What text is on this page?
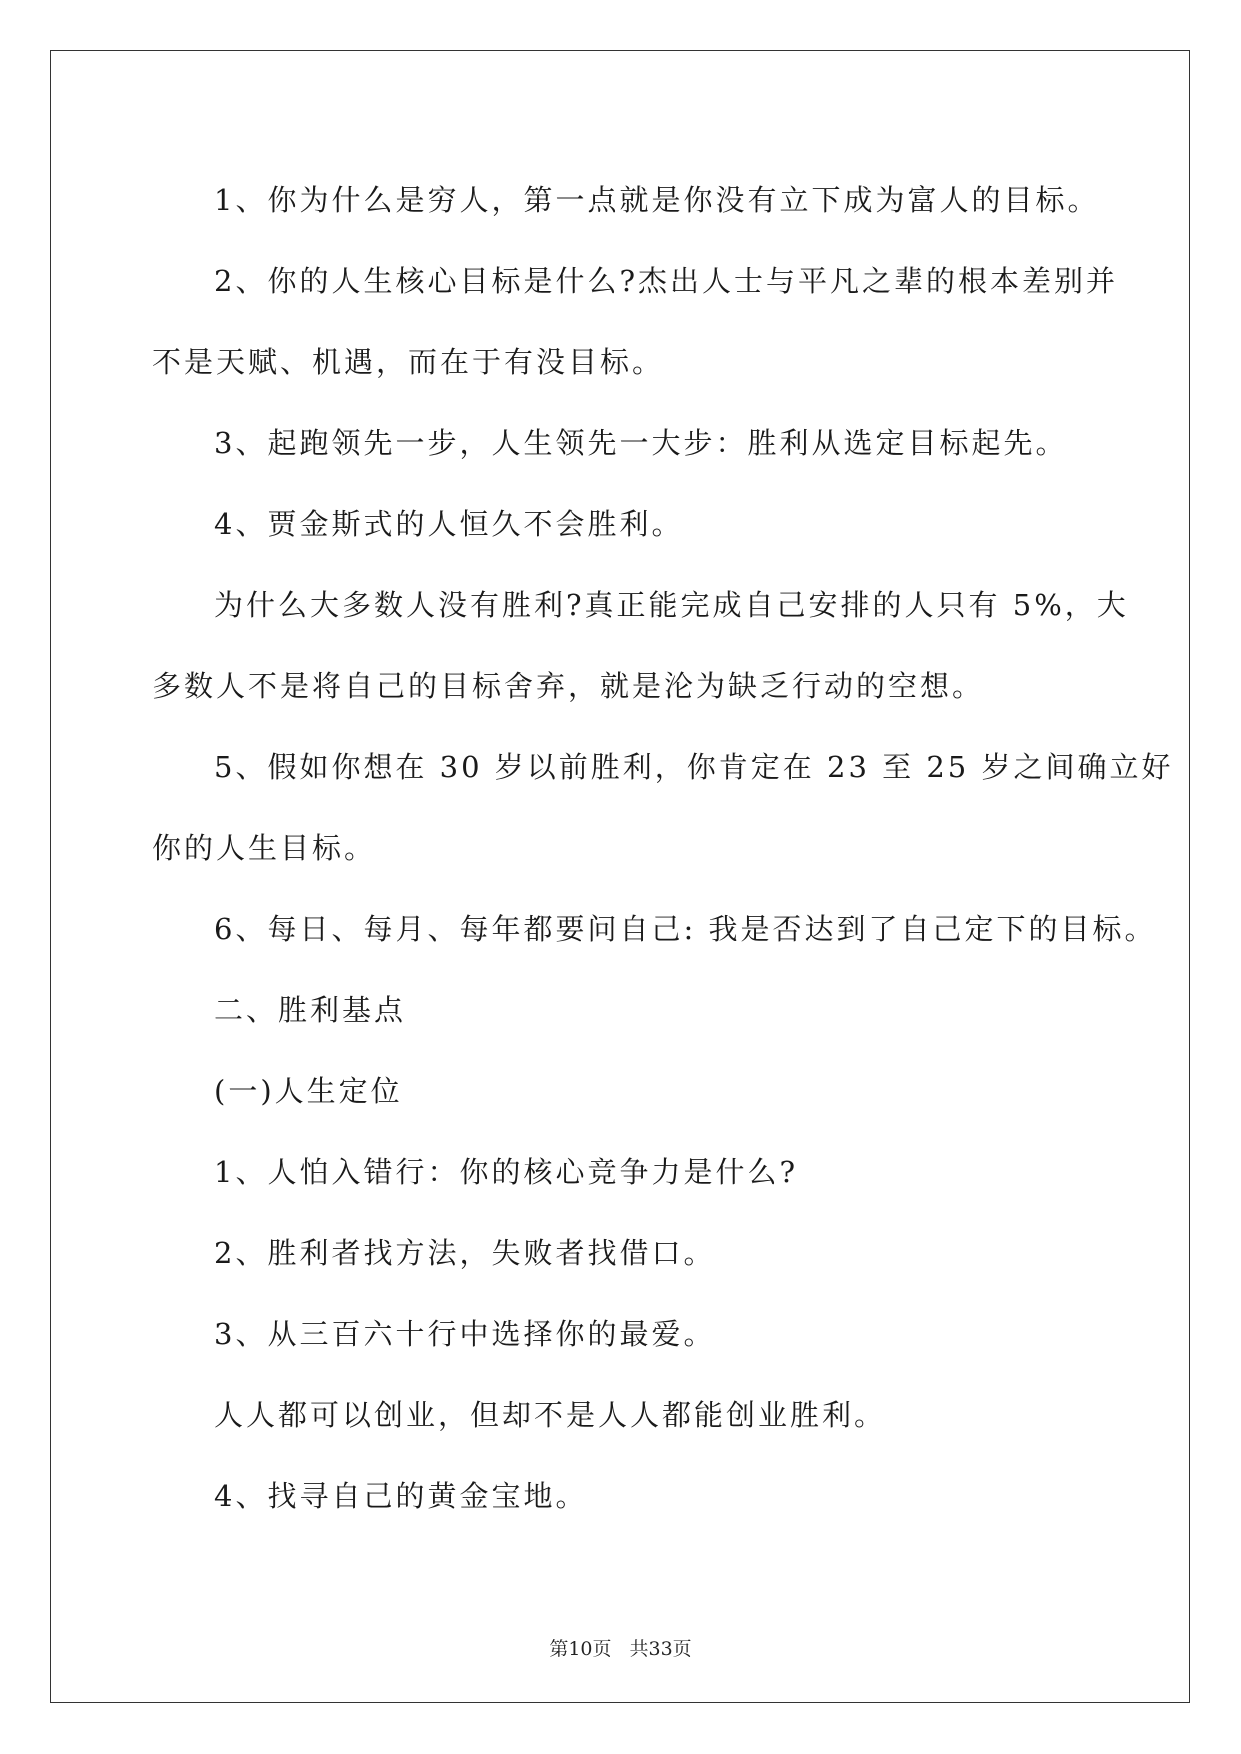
1、你为什么是穷人，第一点就是你没有立下成为富人的目标。

2、你的人生核心目标是什么?杰出人士与平凡之辈的根本差别并

不是天赋、机遇，而在于有没目标。

3、起跑领先一步，人生领先一大步：胜利从选定目标起先。

4、贾金斯式的人恒久不会胜利。

为什么大多数人没有胜利?真正能完成自己安排的人只有 5%，大

多数人不是将自己的目标舍弃，就是沦为缺乏行动的空想。

5、假如你想在 30 岁以前胜利，你肯定在 23 至 25 岁之间确立好

你的人生目标。

6、每日、每月、每年都要问自己: 我是否达到了自己定下的目标。

二、胜利基点

(一)人生定位

1、人怕入错行：你的核心竞争力是什么?

2、胜利者找方法，失败者找借口。

3、从三百六十行中选择你的最爱。

人人都可以创业，但却不是人人都能创业胜利。

4、找寻自己的黄金宝地。

第10页 共33页
